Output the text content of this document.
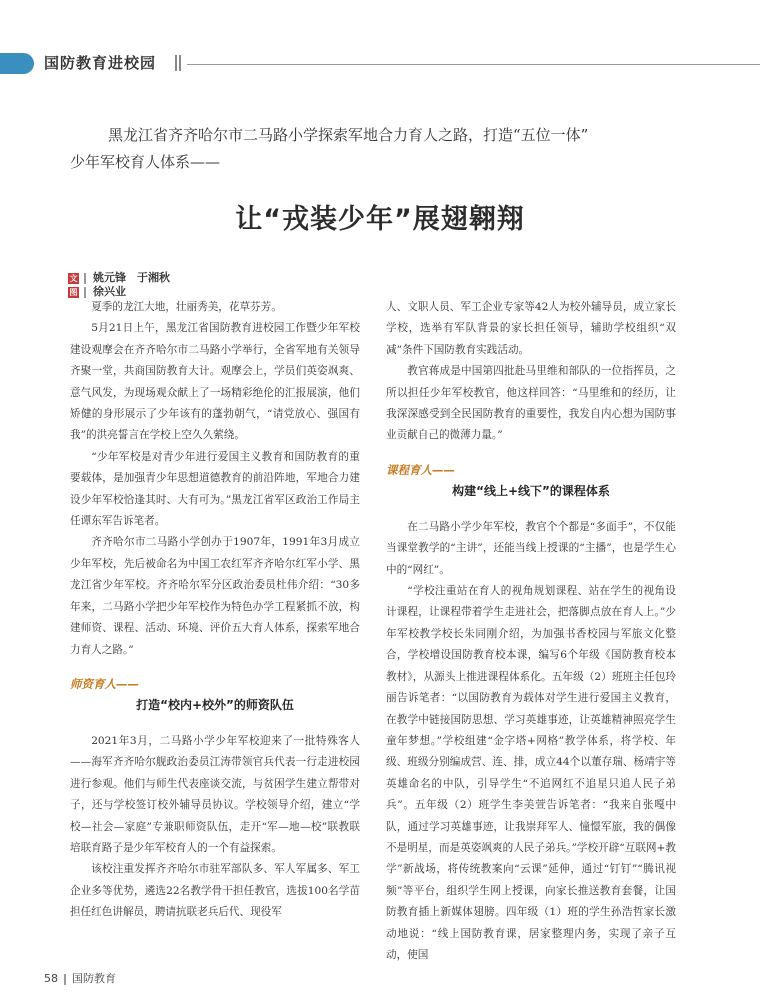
国防教育进校园
黑龙江省齐齐哈尔市二马路小学探索军地合力育人之路，打造“五位一体”
少年军校育人体系——
让“戎装少年”展翅翱翔
文 姚元锋　于湘秋
图 徐兴业

夏季的龙江大地，壮丽秀美，花草芬芳。

5月21日上午，黑龙江省国防教育进校园工作暨少年军校建设观摩会在齐齐哈尔市二马路小学举行，全省军地有关领导齐聚一堂，共商国防教育大计。观摩会上，学员们英姿飒爽、意气风发，为现场观众献上了一场精彩绝伦的汇报展演，他们矫健的身形展示了少年该有的蓬勃朝气，“请党放心、强国有我”的洪亮誓言在学校上空久久萦绕。

“少年军校是对青少年进行爱国主义教育和国防教育的重要载体，是加强青少年思想道德教育的前沿阵地，军地合力建设少年军校恰逢其时、大有可为。”黑龙江省军区政治工作局主任谭东军告诉笔者。

齐齐哈尔市二马路小学创办于1907年，1991年3月成立少年军校，先后被命名为中国工农红军齐齐哈尔红军小学、黑龙江省少年军校。齐齐哈尔军分区政治委员杜伟介绍：“30多年来，二马路小学把少年军校作为特色办学工程紧抓不放，构建师资、课程、活动、环境、评价五大育人体系，探索军地合力育人之路。”

师资育人——
打造“校内+校外”的师资队伍

2021年3月，二马路小学少年军校迎来了一批特殊客人——海军齐齐哈尔舰政治委员江涛带领官兵代表一行走进校园进行参观。他们与师生代表座谈交流，与贫困学生建立帮带对子，还与学校签订校外辅导员协议。学校领导介绍，建立“学校—社会—家庭”专兼职师资队伍，走开“军—地—校”联教联培联育路子是少年军校育人的一个有益探索。

该校注重发挥齐齐哈尔市驻军部队多、军人军属多、军工企业多等优势，遴选22名教学骨干担任教官，选拔100名学苗担任红色讲解员，聘请抗联老兵后代、现役军

人、文职人员、军工企业专家等42人为校外辅导员，成立家长学校，选举有军队背景的家长担任领导，辅助学校组织“双减”条件下国防教育实践活动。

教官蒋成是中国第四批赴马里维和部队的一位指挥员，之所以担任少年军校教官，他这样回答：“马里维和的经历，让我深深感受到全民国防教育的重要性，我发自内心想为国防事业贡献自己的微薄力量。”

课程育人——
构建“线上+线下”的课程体系

在二马路小学少年军校，教官个个都是“多面手”，不仅能当课堂教学的“主讲”，还能当线上授课的“主播”，也是学生心中的“网红”。

“学校注重站在育人的视角规划课程、站在学生的视角设计课程，让课程带着学生走进社会，把落脚点放在育人上。”少年军校教学校长朱同刚介绍，为加强书香校园与军旅文化整合，学校增设国防教育校本课，编写6个年级《国防教育校本教材》，从源头上推进课程体系化。五年级（2）班班主任包玲丽告诉笔者：“以国防教育为载体对学生进行爱国主义教育，在教学中链接国防思想、学习英雄事迹，让英雄精神照亮学生童年梦想。”学校组建“金字塔+网格”教学体系，将学校、年级、班级分别编成营、连、排，成立44个以董存瑞、杨靖宇等英雄命名的中队，引导学生“不追网红不追星只追人民子弟兵”。五年级（2）班学生李美萱告诉笔者：“我来自张嘎中队，通过学习英雄事迹，让我崇拜军人、憧憬军旅，我的偶像不是明星，而是英姿飒爽的人民子弟兵。”学校开辟“互联网+教学”新战场，将传统教案向“云课”延伸，通过“钉钉”“腾讯视频”等平台，组织学生网上授课，向家长推送教育套餐，让国防教育插上新媒体翅膀。四年级（1）班的学生孙浩哲家长激动地说：“线上国防教育课，居家整理内务，实现了亲子互动，使国

58 国防教育
